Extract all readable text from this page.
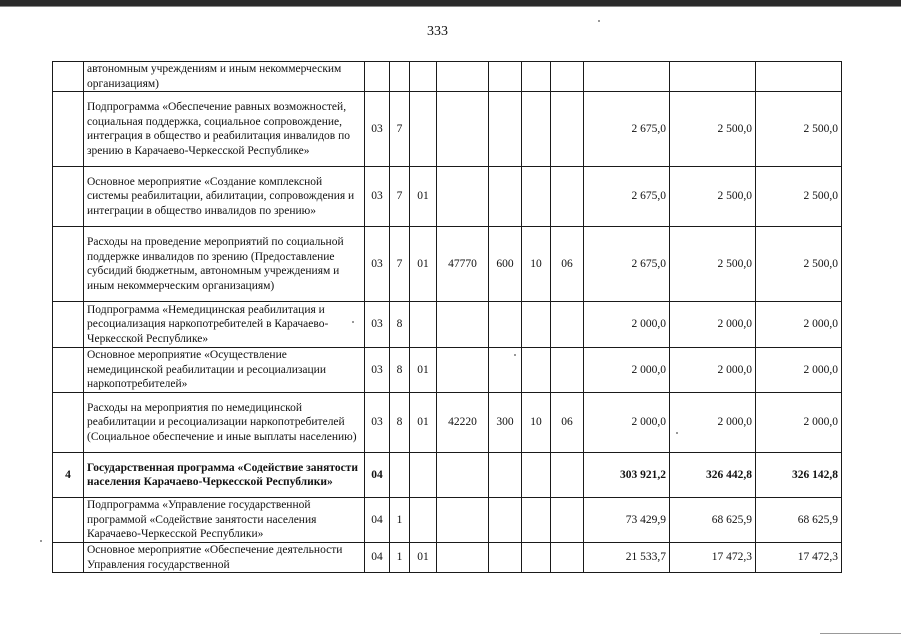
333
	автономным учреждениям и иным некоммерческим организациям)										
	Подпрограмма «Обеспечение равных возможностей, социальная поддержка, социальное сопровождение, интеграция в общество и реабилитация инвалидов по зрению в Карачаево-Черкесской Республике»	03	7						2 675,0	2 500,0	2 500,0
	Основное мероприятие «Создание комплексной системы реабилитации, абилитации, сопровождения и интеграции в общество инвалидов по зрению»	03	7	01					2 675,0	2 500,0	2 500,0
	Расходы на проведение мероприятий по социальной поддержке инвалидов по зрению (Предоставление субсидий бюджетным, автономным учреждениям и иным некоммерческим организациям)	03	7	01	47770	600	10	06	2 675,0	2 500,0	2 500,0
	Подпрограмма «Немедицинская реабилитация и ресоциализация наркопотребителей в Карачаево-Черкесской Республике»	03	8						2 000,0	2 000,0	2 000,0
	Основное мероприятие «Осуществление немедицинской реабилитации и ресоциализации наркопотребителей»	03	8	01					2 000,0	2 000,0	2 000,0
	Расходы на мероприятия по немедицинской реабилитации и ресоциализации наркопотребителей (Социальное обеспечение и иные выплаты населению)	03	8	01	42220	300	10	06	2 000,0	2 000,0	2 000,0
4	Государственная программа «Содействие занятости населения Карачаево-Черкесской Республики»	04							303 921,2	326 442,8	326 142,8
	Подпрограмма «Управление государственной программой «Содействие занятости населения Карачаево-Черкесской Республики»	04	1						73 429,9	68 625,9	68 625,9
	Основное мероприятие «Обеспечение деятельности Управления государственной	04	1	01					21 533,7	17 472,3	17 472,3
